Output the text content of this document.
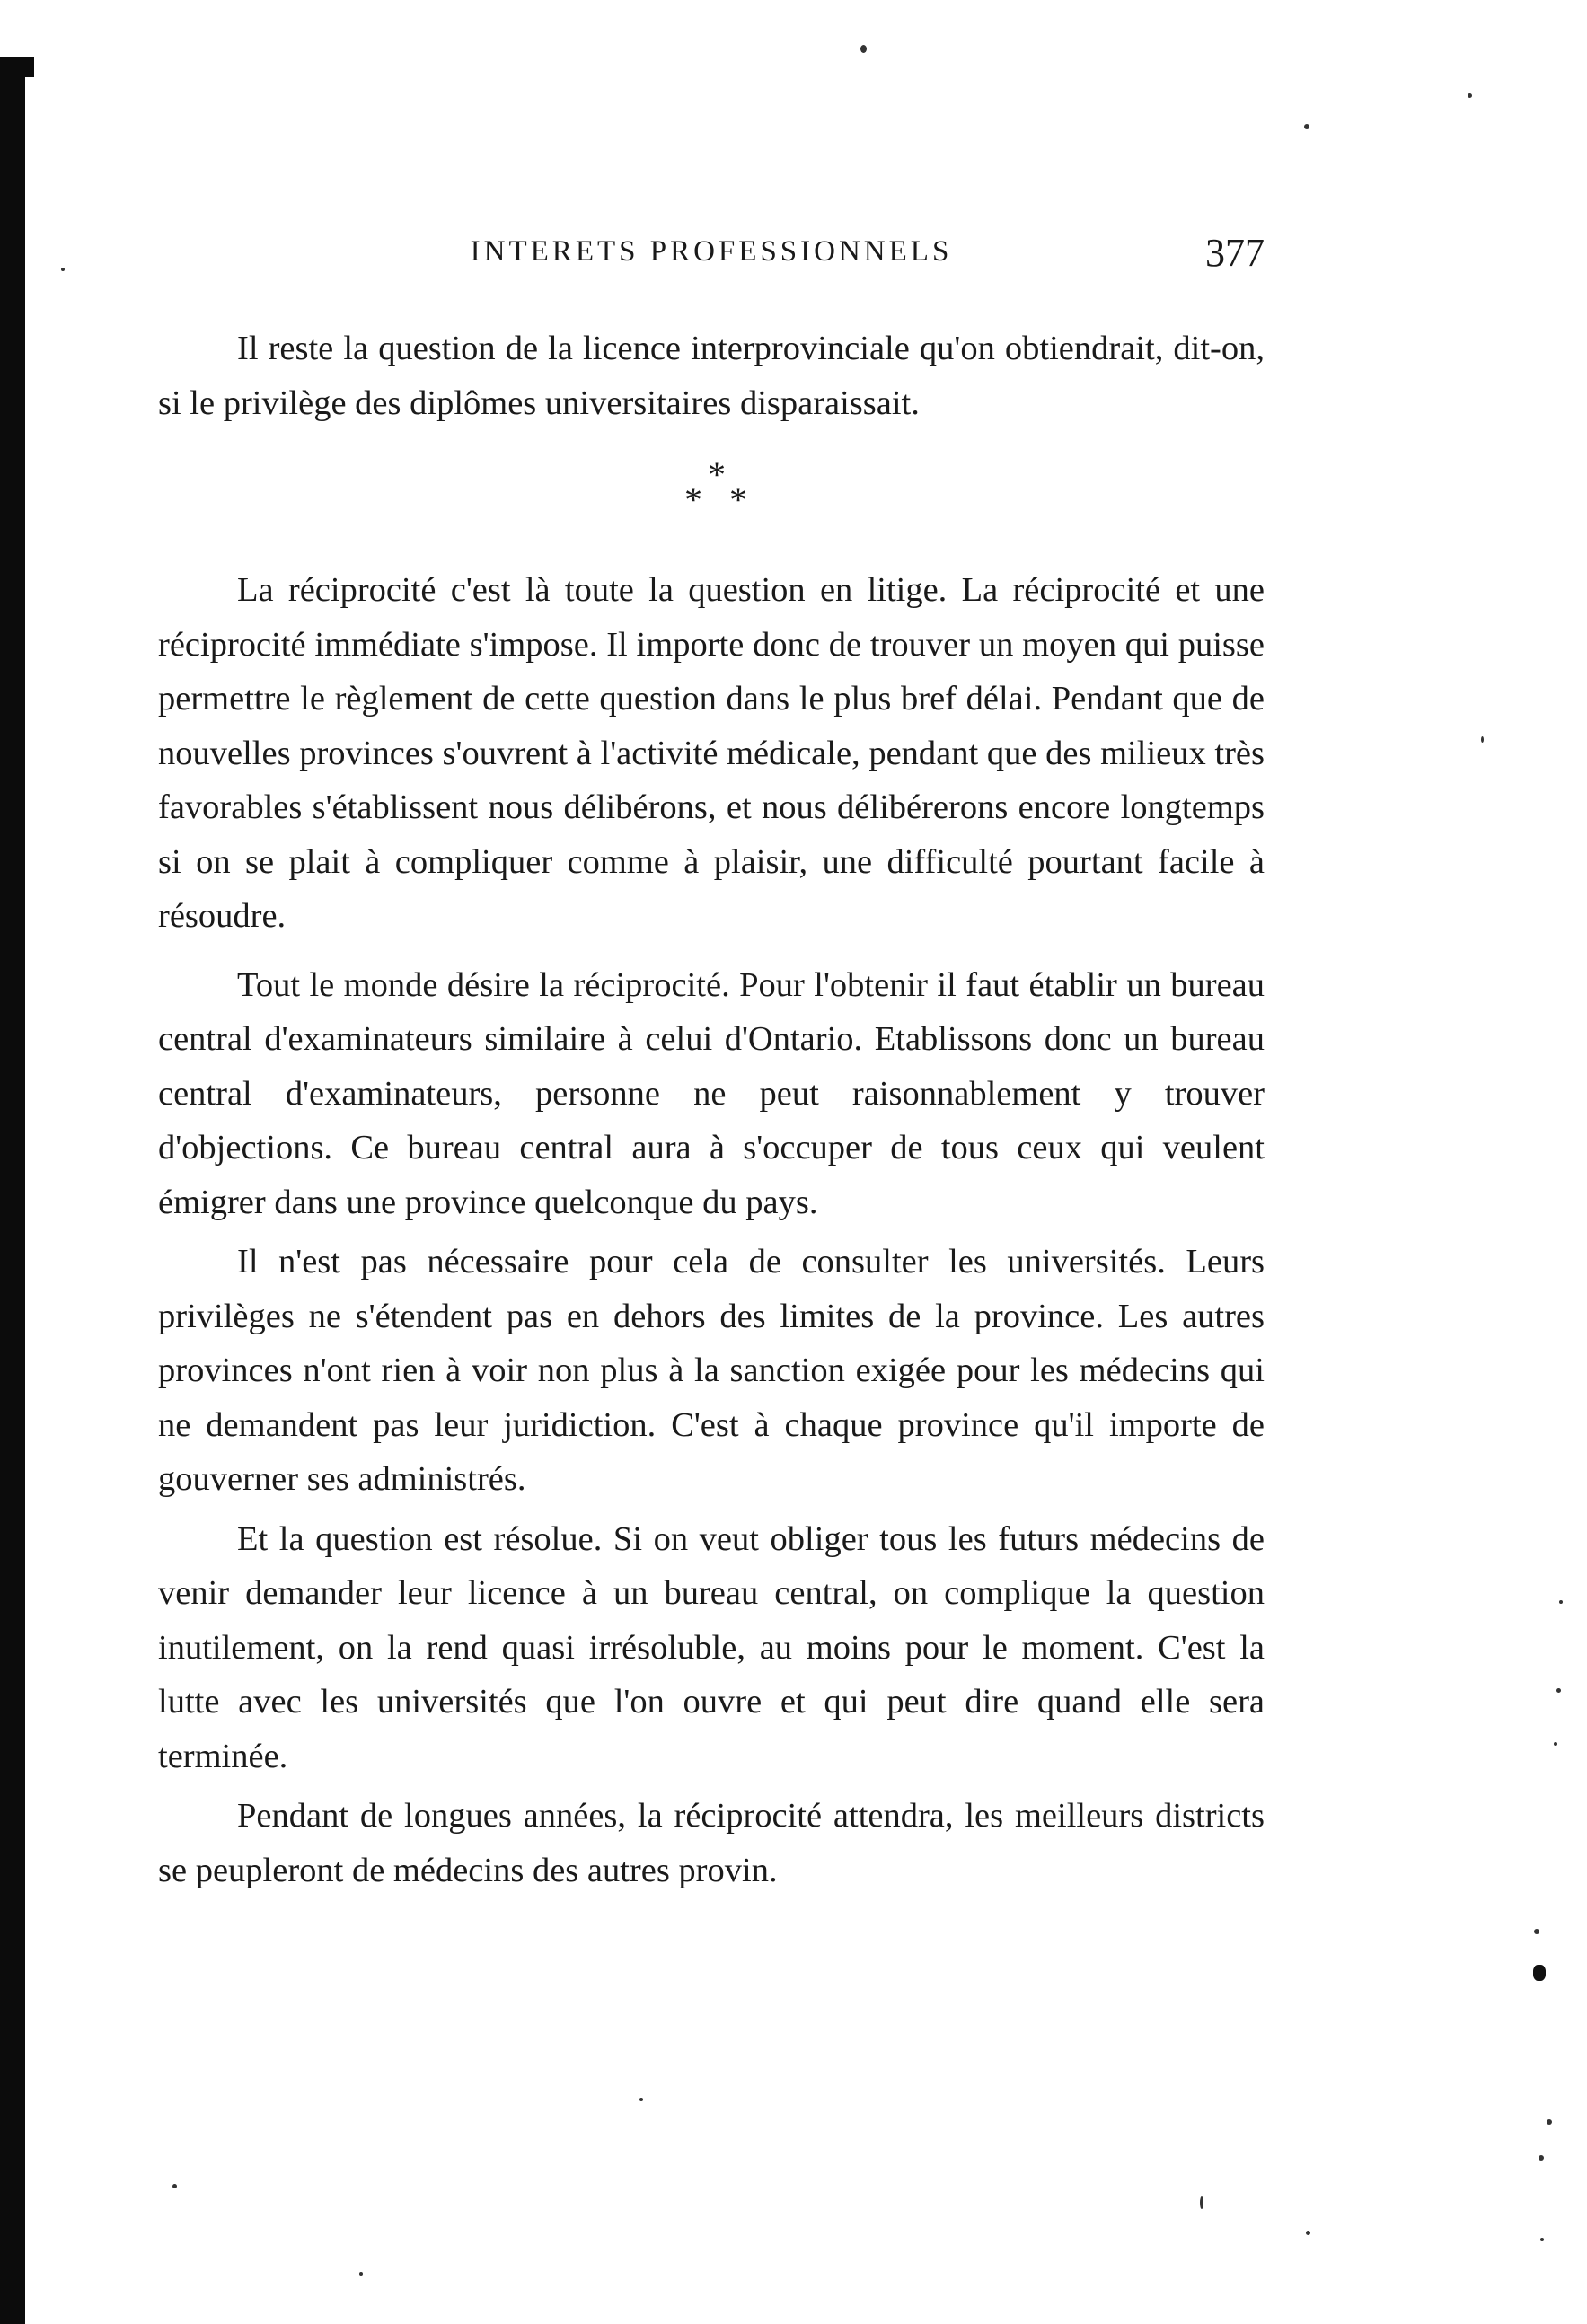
INTERETS PROFESSIONNELS	377

Il reste la question de la licence interprovinciale qu'on obtiendrait, dit-on, si le privilège des diplômes universitaires disparaissait.

*
* *

La réciprocité c'est là toute la question en litige. La réciprocité et une réciprocité immédiate s'impose. Il importe donc de trouver un moyen qui puisse permettre le règlement de cette question dans le plus bref délai. Pendant que de nouvelles provinces s'ouvrent à l'activité médicale, pendant que des milieux très favorables s'établissent nous délibérons, et nous délibérerons encore longtemps si on se plait à compliquer comme à plaisir, une difficulté pourtant facile à résoudre.

Tout le monde désire la réciprocité. Pour l'obtenir il faut établir un bureau central d'examinateurs similaire à celui d'Ontario. Etablissons donc un bureau central d'examinateurs, personne ne peut raisonnablement y trouver d'objections. Ce bureau central aura à s'occuper de tous ceux qui veulent émigrer dans une province quelconque du pays.

Il n'est pas nécessaire pour cela de consulter les universités. Leurs privilèges ne s'étendent pas en dehors des limites de la province. Les autres provinces n'ont rien à voir non plus à la sanction exigée pour les médecins qui ne demandent pas leur juridiction. C'est à chaque province qu'il importe de gouverner ses administrés.

Et la question est résolue. Si on veut obliger tous les futurs médecins de venir demander leur licence à un bureau central, on complique la question inutilement, on la rend quasi irrésoluble, au moins pour le moment. C'est la lutte avec les universités que l'on ouvre et qui peut dire quand elle sera terminée.

Pendant de longues années, la réciprocité attendra, les meilleurs districts se peupleront de médecins des autres provin.
